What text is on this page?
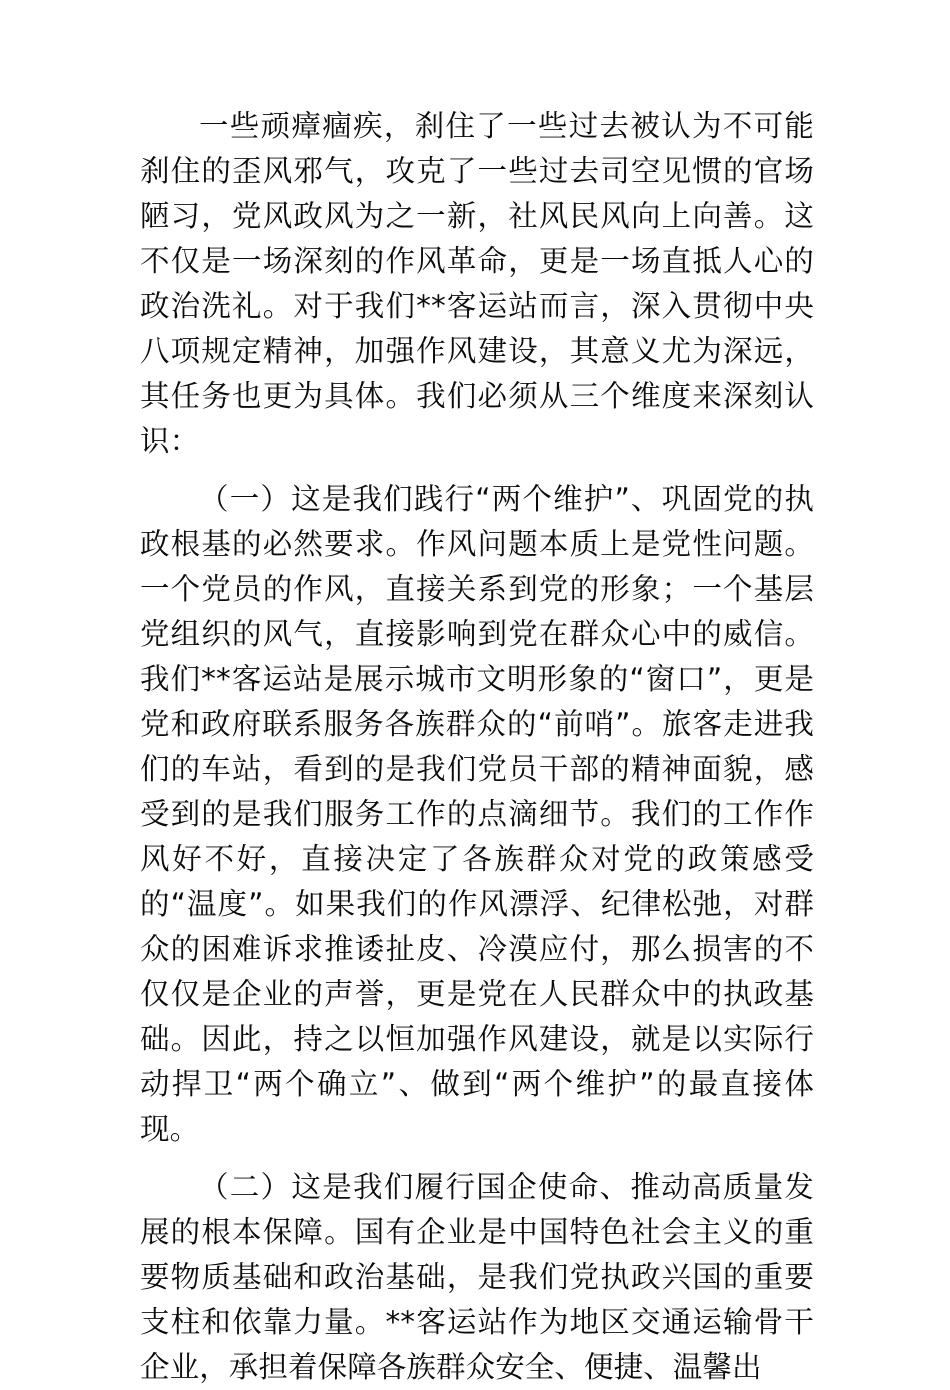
一些顽瘴痼疾，刹住了一些过去被认为不可能刹住的歪风邪气，攻克了一些过去司空见惯的官场陋习，党风政风为之一新，社风民风向上向善。这不仅是一场深刻的作风革命，更是一场直抵人心的政治洗礼。对于我们**客运站而言，深入贯彻中央八项规定精神，加强作风建设，其意义尤为深远，其任务也更为具体。我们必须从三个维度来深刻认识：

（一）这是我们践行“两个维护”、巩固党的执政根基的必然要求。作风问题本质上是党性问题。一个党员的作风，直接关系到党的形象；一个基层党组织的风气，直接影响到党在群众心中的威信。我们**客运站是展示城市文明形象的“窗口”，更是党和政府联系服务各族群众的“前哨”。旅客走进我们的车站，看到的是我们党员干部的精神面貌，感受到的是我们服务工作的点滴细节。我们的工作作风好不好，直接决定了各族群众对党的政策感受的“温度”。如果我们的作风漂浮、纪律松弛，对群众的困难诉求推诿扯皮、冷漠应付，那么损害的不仅仅是企业的声誉，更是党在人民群众中的执政基础。因此，持之以恒加强作风建设，就是以实际行动捍卫“两个确立”、做到“两个维护”的最直接体现。

（二）这是我们履行国企使命、推动高质量发展的根本保障。国有企业是中国特色社会主义的重要物质基础和政治基础，是我们党执政兴国的重要支柱和依靠力量。**客运站作为地区交通运输骨干企业，承担着保障各族群众安全、便捷、温馨出
